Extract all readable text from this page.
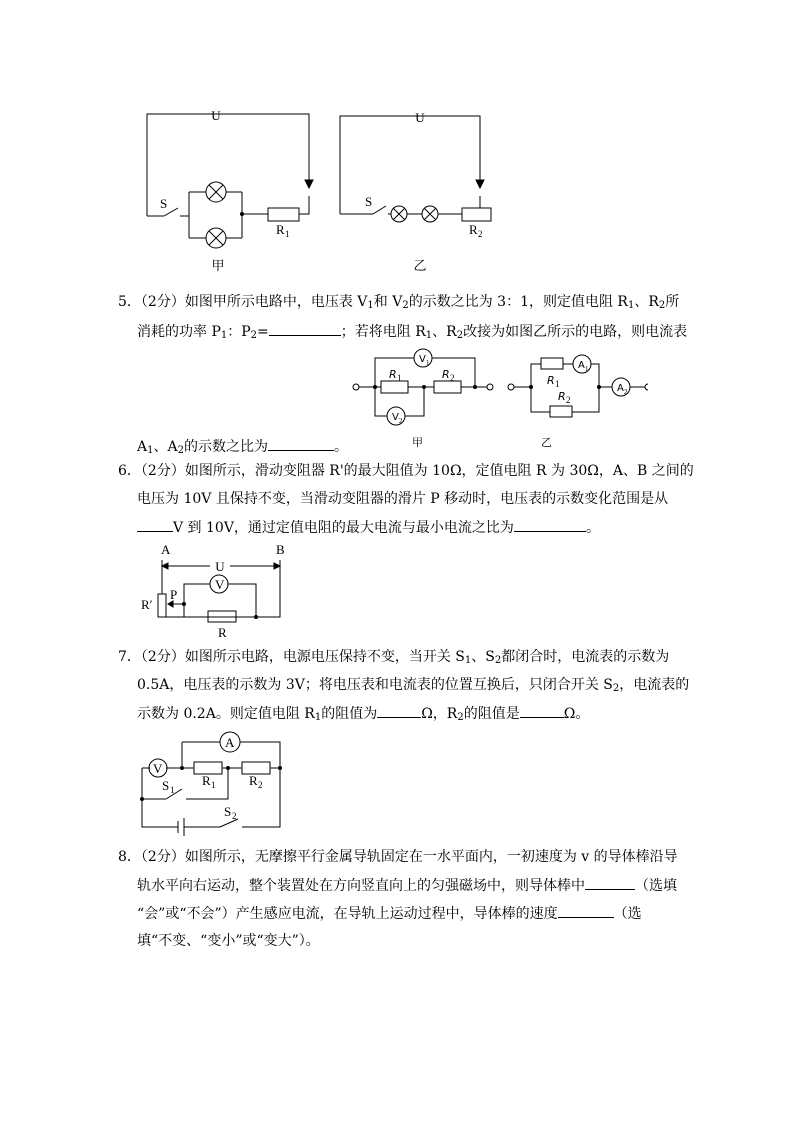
U
S
R 1
甲
U
S
R 2
乙
5．（2分）如图甲所示电路中，电压表 $V_1$和 $V_2$的示数之比为 3：1，则定值电阻 $R_1$、$R_2$所
消耗的功率 $P_1$：$P_2=$	；若将电阻 $R_1$、$R_2$改接为如图乙所示的电路，则电流表
V 1
V 2
R 1	R 2
甲
A 1
A 2
R 1
R 2
乙
$A_1$、$A_2$的示数之比为	。
6．（2分）如图所示，滑动变阻器 R'的最大阻值为 10Ω，定值电阻 R 为 30Ω，A、B 之间的
电压为 10V 且保持不变，当滑动变阻器的滑片 P 移动时，电压表的示数变化范围是从
V 到 10V，通过定值电阻的最大电流与最小电流之比为	。
A	B
U
R′
P
V
R
7．（2分）如图所示电路，电源电压保持不变，当开关 $S_1$、$S_2$都闭合时，电流表的示数为
0.5A，电压表的示数为 3V；将电压表和电流表的位置互换后，只闭合开关 $S_2$，电流表的
示数为 0.2A。则定值电阻 $R_1$的阻值为	Ω，$R_2$的阻值是	Ω。
A
V
S 1
S 2
R 1	R 2
8．（2分）如图所示，无摩擦平行金属导轨固定在一水平面内，一初速度为 v 的导体棒沿导
轨水平向右运动，整个装置处在方向竖直向上的匀强磁场中，则导体棒中	（选填
“会”或“不会”）产生感应电流，在导轨上运动过程中，导体棒的速度	（选
填“不变、“变小”或“变大”）。
